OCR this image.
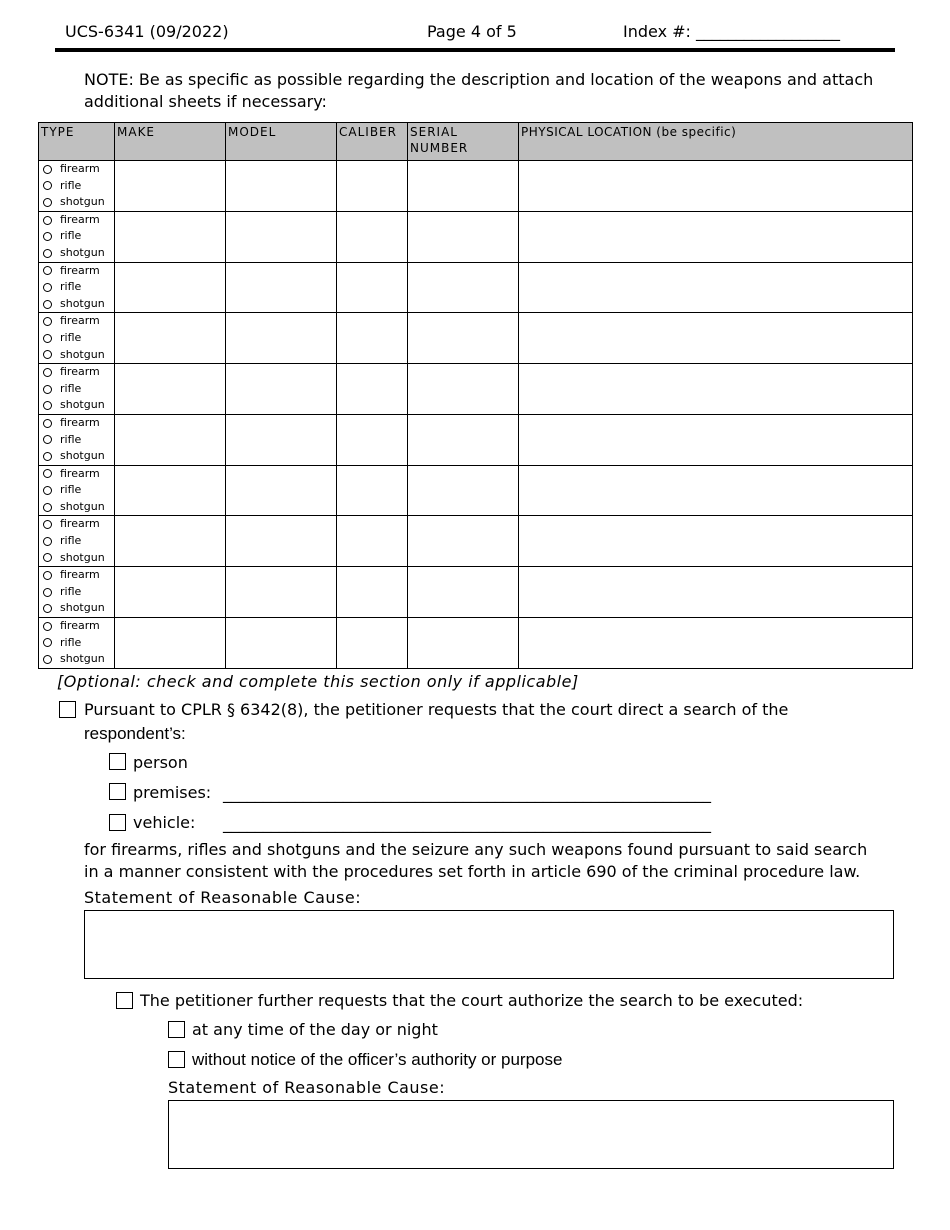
UCS-6341 (09/2022)	Page 4 of 5	Index #: __________________
NOTE: Be as specific as possible regarding the description and location of the weapons and attach additional sheets if necessary:
TYPE	MAKE	MODEL	CALIBER	SERIAL NUMBER	PHYSICAL LOCATION (be specific)

firearm
rifle
shotgun					

firearm
rifle
shotgun					

firearm
rifle
shotgun					

firearm
rifle
shotgun					

firearm
rifle
shotgun					

firearm
rifle
shotgun					

firearm
rifle
shotgun					

firearm
rifle
shotgun					

firearm
rifle
shotgun					

firearm
rifle
shotgun					

[Optional: check and complete this section only if applicable]
Pursuant to CPLR § 6342(8), the petitioner requests that the court direct a search of the
respondent’s:
person
premises: _____________________________________________________________
vehicle: _____________________________________________________________
for firearms, rifles and shotguns and the seizure any such weapons found pursuant to said search
in a manner consistent with the procedures set forth in article 690 of the criminal procedure law.
Statement of Reasonable Cause:
The petitioner further requests that the court authorize the search to be executed:
at any time of the day or night
without notice of the officer’s authority or purpose
Statement of Reasonable Cause:
